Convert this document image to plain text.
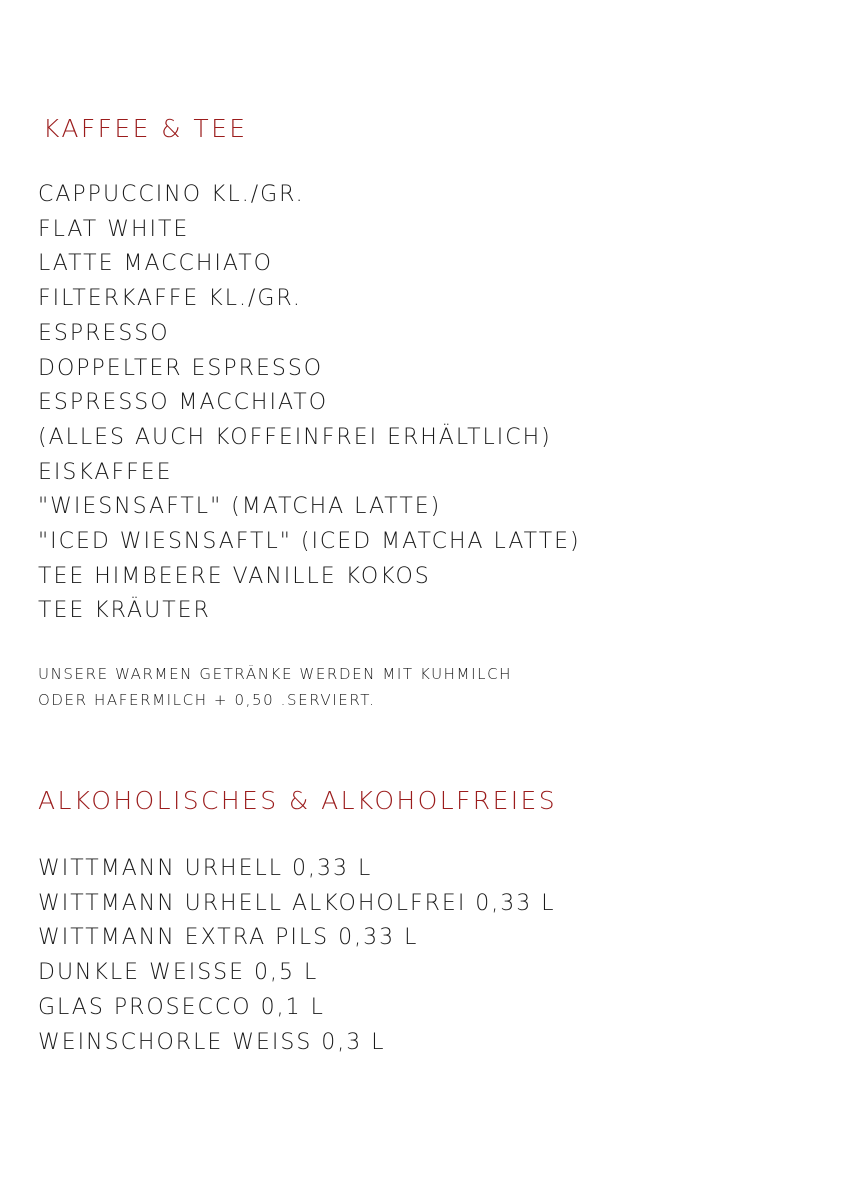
KAFFEE & TEE
CAPPUCCINO KL./GR.
FLAT WHITE
LATTE MACCHIATO
FILTERKAFFE KL./GR.
ESPRESSO
DOPPELTER ESPRESSO
ESPRESSO MACCHIATO
(ALLES AUCH KOFFEINFREI ERHÄLTLICH)
EISKAFFEE
"WIESNSAFTL" (MATCHA LATTE)
"ICED WIESNSAFTL" (ICED MATCHA LATTE)
TEE HIMBEERE VANILLE KOKOS
TEE KRÄUTER

UNSERE WARMEN GETRÄNKE WERDEN MIT KUHMILCH

ODER HAFERMILCH + 0,50 .SERVIERT.

ALKOHOLISCHES & ALKOHOLFREIES
WITTMANN URHELL 0,33 L
WITTMANN URHELL ALKOHOLFREI 0,33 L
WITTMANN EXTRA PILS 0,33 L
DUNKLE WEISSE 0,5 L
GLAS PROSECCO 0,1 L
WEINSCHORLE WEISS 0,3 L
